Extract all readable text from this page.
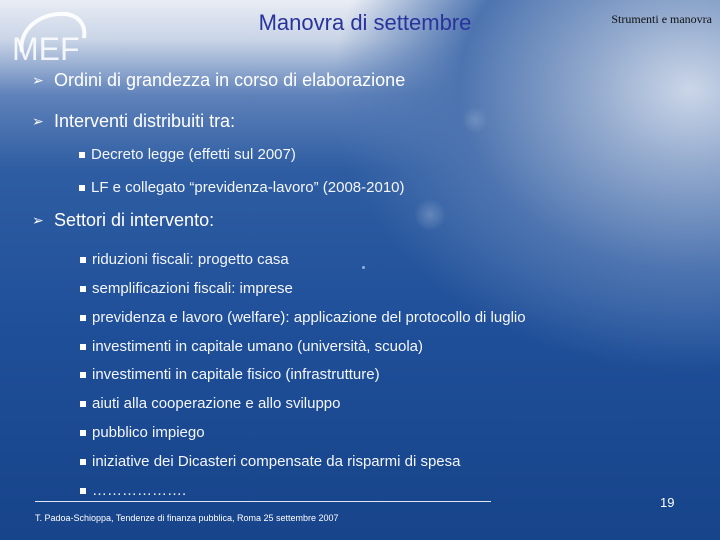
MEF
Manovra di settembre	Strumenti e manovra
➢ Ordini di grandezza in corso di elaborazione
➢ Interventi distribuiti tra:
Decreto legge (effetti sul 2007)
LF e collegato “previdenza-lavoro” (2008-2010)
➢ Settori di intervento:
riduzioni fiscali: progetto casa
semplificazioni fiscali: imprese
previdenza e lavoro (welfare): applicazione del protocollo di luglio
investimenti in capitale umano (università, scuola)
investimenti in capitale fisico (infrastrutture)
aiuti alla cooperazione e allo sviluppo
pubblico impiego
iniziative dei Dicasteri compensate da risparmi di spesa
……………….
T. Padoa-Schioppa, Tendenze di finanza pubblica, Roma 25 settembre 2007
19
